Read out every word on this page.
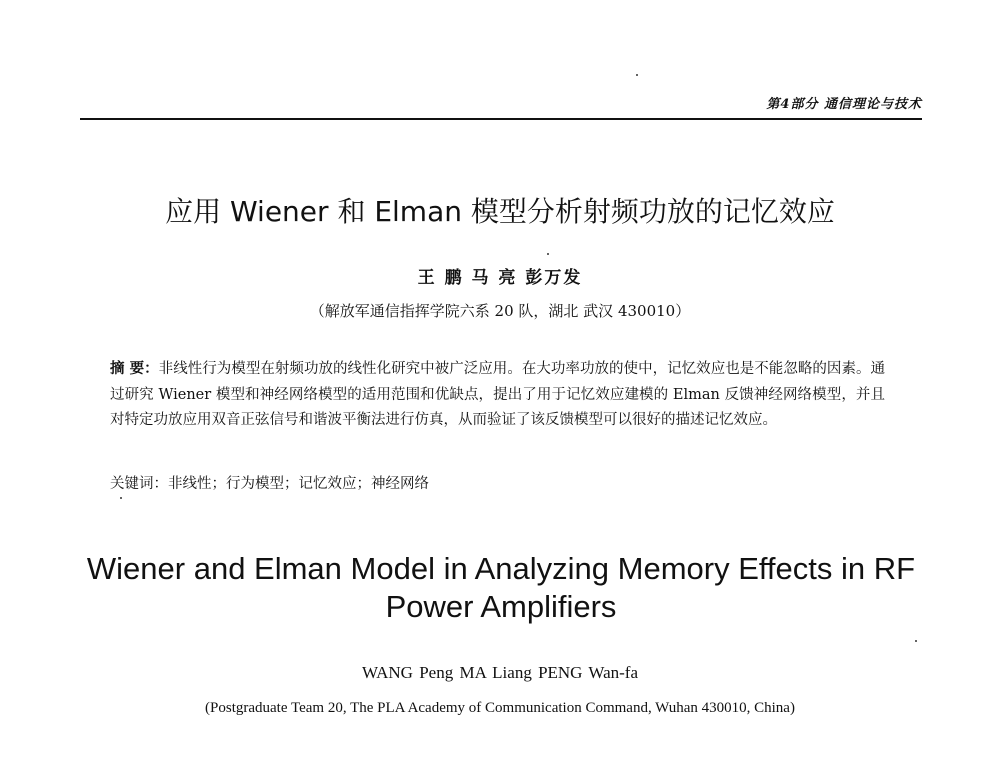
第4部分 通信理论与技术
应用 Wiener 和 Elman 模型分析射频功放的记忆效应
王 鹏 马 亮 彭万发
（解放军通信指挥学院六系 20 队，湖北 武汉 430010）
摘 要：非线性行为模型在射频功放的线性化研究中被广泛应用。在大功率功放的使中，记忆效应也是不能忽略的因素。通过研究 Wiener 模型和神经网络模型的适用范围和优缺点，提出了用于记忆效应建模的 Elman 反馈神经网络模型，并且对特定功放应用双音正弦信号和谐波平衡法进行仿真，从而验证了该反馈模型可以很好的描述记忆效应。
关键词：非线性；行为模型；记忆效应；神经网络
Wiener and Elman Model in Analyzing Memory Effects in RF Power Amplifiers
WANG Peng MA Liang PENG Wan-fa
(Postgraduate Team 20, The PLA Academy of Communication Command, Wuhan 430010, China)
